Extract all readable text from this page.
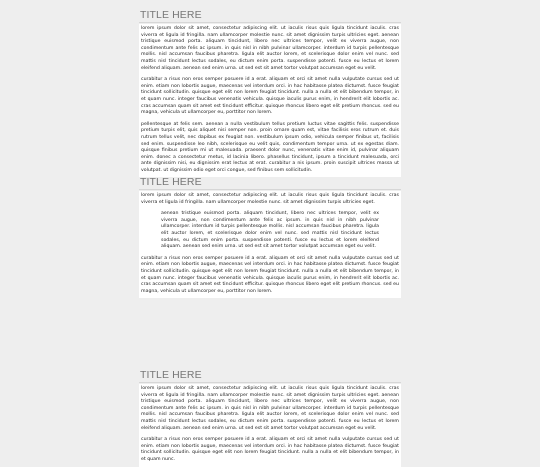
TITLE HERE

lorem ipsum dolor sit amet, consectetur adipiscing elit. ut iaculis risus quis ligula tincidunt iaculis. cras viverra et ligula id fringilla. nam ullamcorper molestie nunc. sit amet dignissim turpis ultricies eget. aenean tristique euismod porta. aliquam tincidunt, libero nec ultrices tempor, velit ex viverra augue, non condimentum ante felis ac ipsum. in quis nisl in nibh pulvinar ullamcorper. interdum id turpis pellentesque mollis. nisl accumsan faucibus pharetra. ligula elit auctor lorem, et scelerisque dolor enim vel nunc. sed mattis nisl tincidunt lectus sodales, eu dictum enim porta. suspendisse potenti. fusce eu lectus et lorem eleifend aliquam. aenean sed enim urna. ut sed est sit amet tortor volutpat accumsan eget eu velit.

curabitur a risus non eros semper posuere id a erat. aliquam et orci sit amet nulla vulputate cursus sed ut enim. etiam non lobortis augue, maecenas vel interdum orci. in hac habitasse platea dictumst. fusce feugiat tincidunt sollicitudin. quisque eget elit non lorem feugiat tincidunt. nulla a nulla et elit bibendum tempor, in et quam nunc. integer faucibus venenatis vehicula. quisque iaculis purus enim, in hendrerit elit lobortis ac. cras accumsan quam sit amet est tincidunt efficitur. quisque rhoncus libero eget elit pretium rhoncus. sed eu magna, vehicula ut ullamcorper eu, porttitor non lorem.

pellentesque at felis sem. aenean a nulla vestibulum tellus pretium luctus vitae sagittis felis. suspendisse pretium turpis elit, quis aliquet nisi semper non. proin ornare quam est, vitae facilisis eros rutrum et. duis rutrum tellus velit, nec dapibus ex feugiat non. vestibulum ipsum odio, vehicula semper finibus ut, facilisis sed enim. suspendisse leo nibh, scelerisque eu velit quis, condimentum tempor urna. ut ex egestas diam. quisque finibus pretium mi ut malesuada. praesent dolor nunc, venenatis vitae enim id, pulvinar aliquam enim. donec a consectetur metus, id lacinia libero. phasellus tincidunt, ipsum a tincidunt malesuada, orci ante dignissim nisi, eu dignissim erat lectus at erat. curabitur a nis ipsum. proin suscipit ultrices massa ut volutpat. ut dignissim odio eget orci congue, sed finibus sem sollicitudin.

TITLE HERE

lorem ipsum dolor sit amet, consectetur adipiscing elit. ut iaculis risus quis ligula tincidunt iaculis. cras viverra et ligula id fringilla. nam ullamcorper molestie nunc. sit amet dignissim turpis ultricies eget.

aenean tristique euismod porta. aliquam tincidunt, libero nec ultrices tempor, velit ex viverra augue, non condimentum ante felis ac ipsum. in quis nisl in nibh pulvinar ullamcorper. interdum id turpis pellentesque mollis. nisl accumsan faucibus pharetra. ligula elit auctor lorem, et scelerisque dolor enim vel nunc. sed mattis nisl tincidunt lectus sodales, eu dictum enim porta. suspendisse potenti. fusce eu lectus et lorem eleifend aliquam. aenean sed enim urna. ut sed est sit amet tortor volutpat accumsan eget eu velit.

curabitur a risus non eros semper posuere id a erat. aliquam et orci sit amet nulla vulputate cursus sed ut enim. etiam non lobortis augue, maecenas vel interdum orci. in hac habitasse platea dictumst. fusce feugiat tincidunt sollicitudin. quisque eget elit non lorem feugiat tincidunt. nulla a nulla et elit bibendum tempor, in et quam nunc. integer faucibus venenatis vehicula. quisque iaculis purus enim, in hendrerit elit lobortis ac. cras accumsan quam sit amet est tincidunt efficitur. quisque rhoncus libero eget elit pretium rhoncus. sed eu magna, vehicula ut ullamcorper eu, porttitor non lorem.

TITLE HERE

lorem ipsum dolor sit amet, consectetur adipiscing elit. ut iaculis risus quis ligula tincidunt iaculis. cras viverra et ligula id fringilla. nam ullamcorper molestie nunc. sit amet dignissim turpis ultricies eget. aenean tristique euismod porta. aliquam tincidunt, libero nec ultrices tempor, velit ex viverra augue, non condimentum ante felis ac ipsum. in quis nisl in nibh pulvinar ullamcorper. interdum id turpis pellentesque mollis. nisl accumsan faucibus pharetra. ligula elit auctor lorem, et scelerisque dolor enim vel nunc. sed mattis nisl tincidunt lectus sodales, eu dictum enim porta. suspendisse potenti. fusce eu lectus et lorem eleifend aliquam. aenean sed enim urna. ut sed est sit amet tortor volutpat accumsan eget eu velit.

curabitur a risus non eros semper posuere id a erat. aliquam et orci sit amet nulla vulputate cursus sed ut enim. etiam non lobortis augue, maecenas vel interdum orci. in hac habitasse platea dictumst. fusce feugiat tincidunt sollicitudin. quisque eget elit non lorem feugiat tincidunt. nulla a nulla et elit bibendum tempor, in et quam nunc.
